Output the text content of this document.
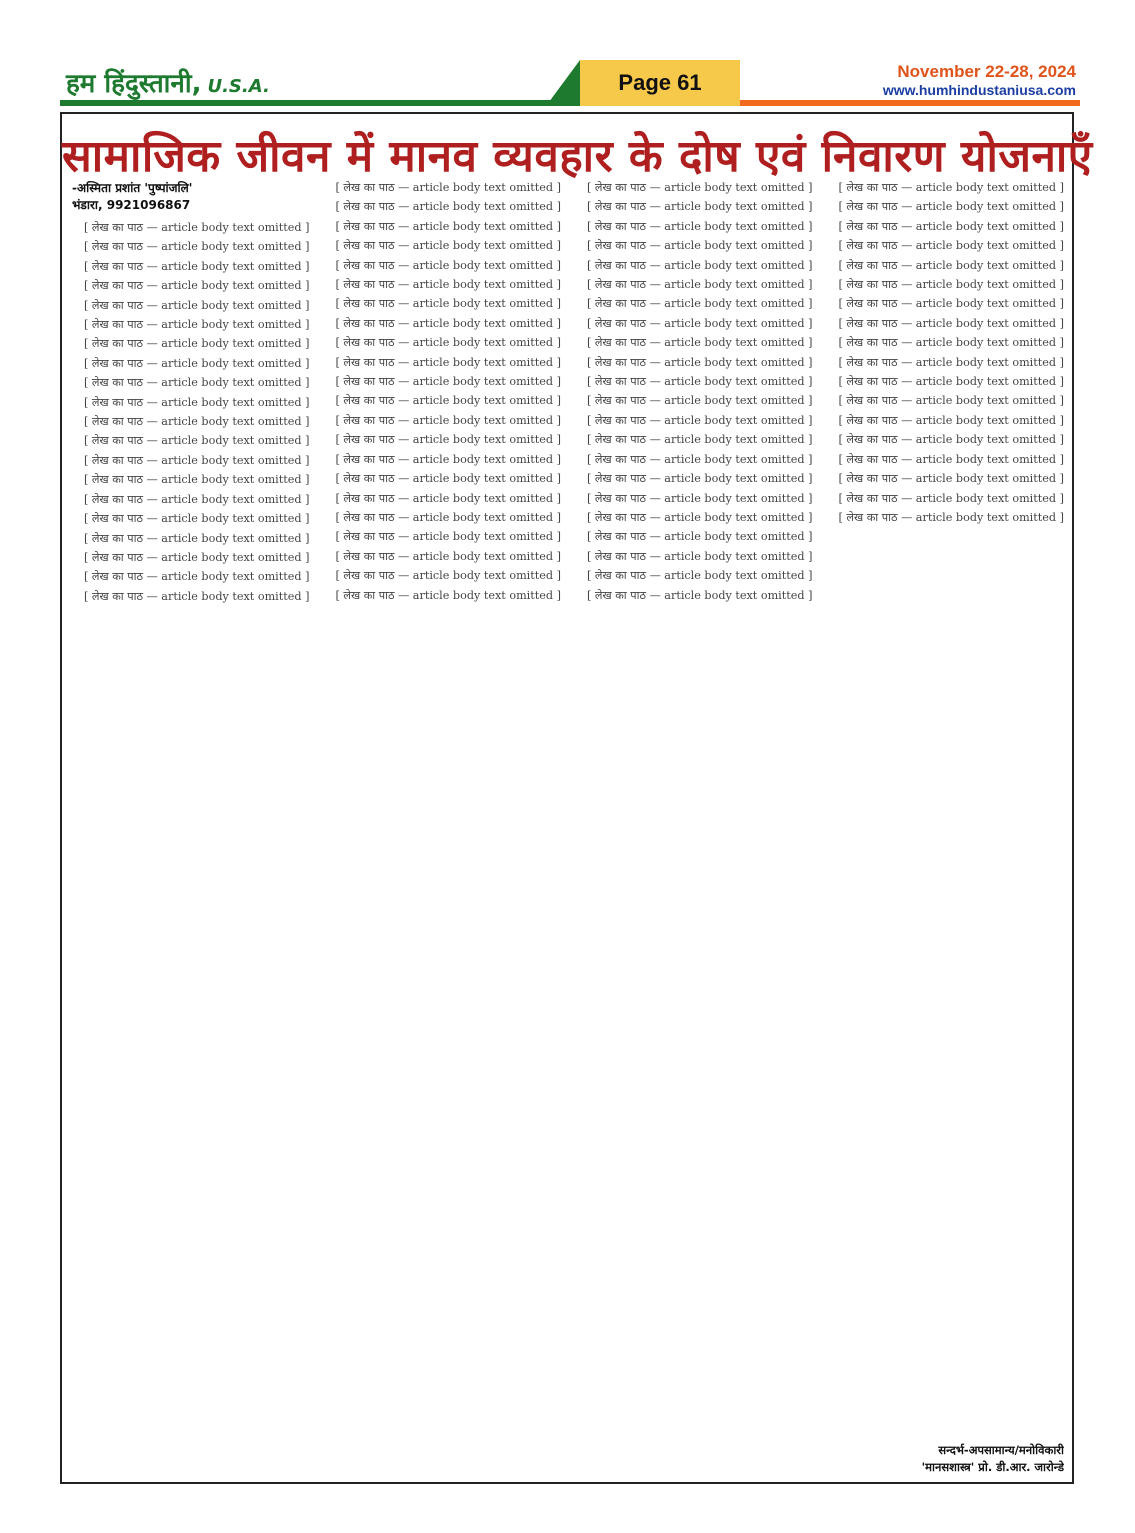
हम हिंदुस्तानी, U.S.A.	Page 61	November 22-28, 2024
www.humhindustaniusa.com
सामाजिक जीवन में मानव व्यवहार के दोष एवं निवारण योजनाएँ
-अस्मिता प्रशांत 'पुष्पांजलि'
भंडारा, 9921096867

[ लेख का पाठ — article body text omitted ]

[ लेख का पाठ — article body text omitted ]

[ लेख का पाठ — article body text omitted ]

[ लेख का पाठ — article body text omitted ]

[ लेख का पाठ — article body text omitted ]

[ लेख का पाठ — article body text omitted ]

[ लेख का पाठ — article body text omitted ]

[ लेख का पाठ — article body text omitted ]

[ लेख का पाठ — article body text omitted ]

[ लेख का पाठ — article body text omitted ]

[ लेख का पाठ — article body text omitted ]

[ लेख का पाठ — article body text omitted ]

[ लेख का पाठ — article body text omitted ]

[ लेख का पाठ — article body text omitted ]

[ लेख का पाठ — article body text omitted ]

[ लेख का पाठ — article body text omitted ]

[ लेख का पाठ — article body text omitted ]

[ लेख का पाठ — article body text omitted ]

[ लेख का पाठ — article body text omitted ]

[ लेख का पाठ — article body text omitted ]

[ लेख का पाठ — article body text omitted ]

[ लेख का पाठ — article body text omitted ]

[ लेख का पाठ — article body text omitted ]

[ लेख का पाठ — article body text omitted ]

[ लेख का पाठ — article body text omitted ]

[ लेख का पाठ — article body text omitted ]

[ लेख का पाठ — article body text omitted ]

[ लेख का पाठ — article body text omitted ]

[ लेख का पाठ — article body text omitted ]

[ लेख का पाठ — article body text omitted ]

[ लेख का पाठ — article body text omitted ]

[ लेख का पाठ — article body text omitted ]

[ लेख का पाठ — article body text omitted ]

[ लेख का पाठ — article body text omitted ]

[ लेख का पाठ — article body text omitted ]

[ लेख का पाठ — article body text omitted ]

[ लेख का पाठ — article body text omitted ]

[ लेख का पाठ — article body text omitted ]

[ लेख का पाठ — article body text omitted ]

[ लेख का पाठ — article body text omitted ]

[ लेख का पाठ — article body text omitted ]

[ लेख का पाठ — article body text omitted ]

[ लेख का पाठ — article body text omitted ]

[ लेख का पाठ — article body text omitted ]

[ लेख का पाठ — article body text omitted ]

[ लेख का पाठ — article body text omitted ]

[ लेख का पाठ — article body text omitted ]

[ लेख का पाठ — article body text omitted ]

[ लेख का पाठ — article body text omitted ]

[ लेख का पाठ — article body text omitted ]

[ लेख का पाठ — article body text omitted ]

[ लेख का पाठ — article body text omitted ]

[ लेख का पाठ — article body text omitted ]

[ लेख का पाठ — article body text omitted ]

[ लेख का पाठ — article body text omitted ]

[ लेख का पाठ — article body text omitted ]

[ लेख का पाठ — article body text omitted ]

[ लेख का पाठ — article body text omitted ]

[ लेख का पाठ — article body text omitted ]

[ लेख का पाठ — article body text omitted ]

[ लेख का पाठ — article body text omitted ]

[ लेख का पाठ — article body text omitted ]

[ लेख का पाठ — article body text omitted ]

[ लेख का पाठ — article body text omitted ]

[ लेख का पाठ — article body text omitted ]

[ लेख का पाठ — article body text omitted ]

[ लेख का पाठ — article body text omitted ]

[ लेख का पाठ — article body text omitted ]

[ लेख का पाठ — article body text omitted ]

[ लेख का पाठ — article body text omitted ]

[ लेख का पाठ — article body text omitted ]

[ लेख का पाठ — article body text omitted ]

[ लेख का पाठ — article body text omitted ]

[ लेख का पाठ — article body text omitted ]

[ लेख का पाठ — article body text omitted ]

[ लेख का पाठ — article body text omitted ]

[ लेख का पाठ — article body text omitted ]

[ लेख का पाठ — article body text omitted ]

[ लेख का पाठ — article body text omitted ]

[ लेख का पाठ — article body text omitted ]

[ लेख का पाठ — article body text omitted ]

[ लेख का पाठ — article body text omitted ]

सन्दर्भ-अपसामान्य/मनोविकारी
'मानसशास्त्र' प्रो. डी.आर. जारोन्डे
